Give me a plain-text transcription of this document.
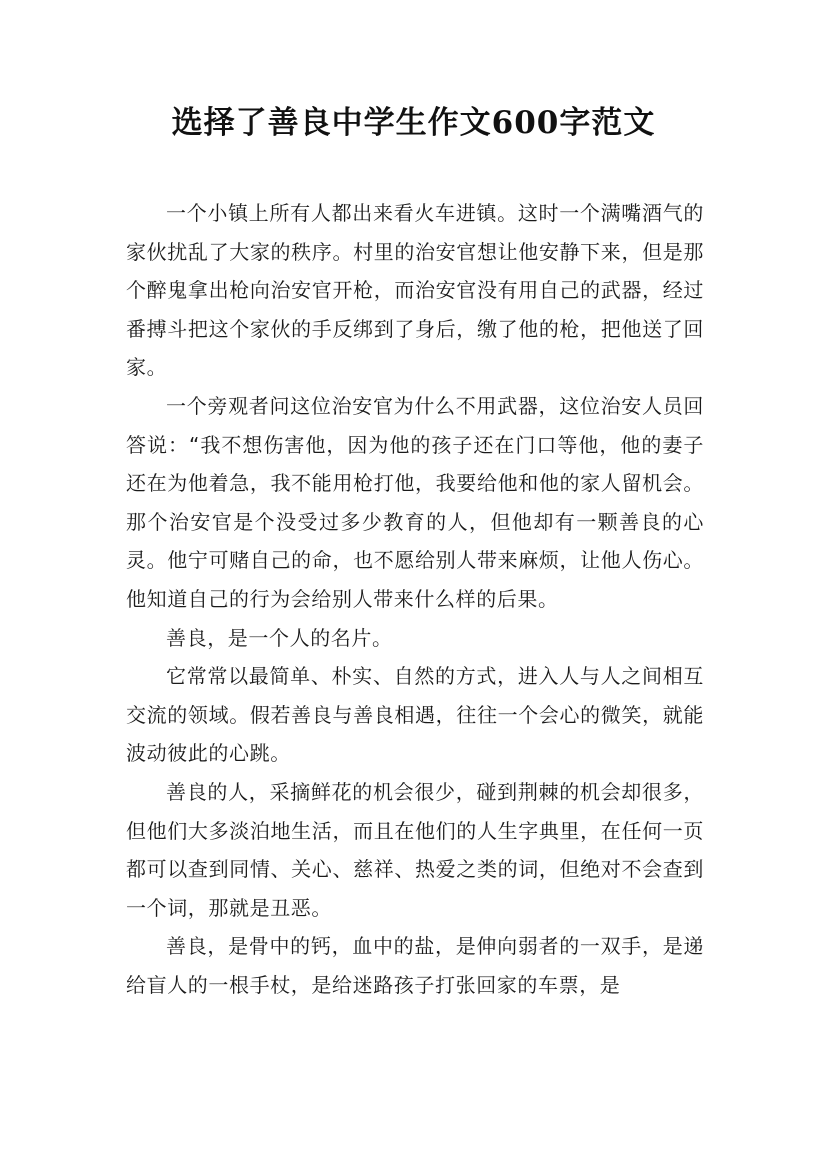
选择了善良中学生作文600字范文

一个小镇上所有人都出来看火车进镇。这时一个满嘴酒气的家伙扰乱了大家的秩序。村里的治安官想让他安静下来，但是那个醉鬼拿出枪向治安官开枪，而治安官没有用自己的武器，经过番搏斗把这个家伙的手反绑到了身后，缴了他的枪，把他送了回家。

一个旁观者问这位治安官为什么不用武器，这位治安人员回答说：“我不想伤害他，因为他的孩子还在门口等他，他的妻子还在为他着急，我不能用枪打他，我要给他和他的家人留机会。那个治安官是个没受过多少教育的人，但他却有一颗善良的心灵。他宁可赌自己的命，也不愿给别人带来麻烦，让他人伤心。他知道自己的行为会给别人带来什么样的后果。

善良，是一个人的名片。

它常常以最简单、朴实、自然的方式，进入人与人之间相互交流的领域。假若善良与善良相遇，往往一个会心的微笑，就能波动彼此的心跳。

善良的人，采摘鲜花的机会很少，碰到荆棘的机会却很多，但他们大多淡泊地生活，而且在他们的人生字典里，在任何一页都可以查到同情、关心、慈祥、热爱之类的词，但绝对不会查到一个词，那就是丑恶。

善良，是骨中的钙，血中的盐，是伸向弱者的一双手，是递给盲人的一根手杖，是给迷路孩子打张回家的车票，是
